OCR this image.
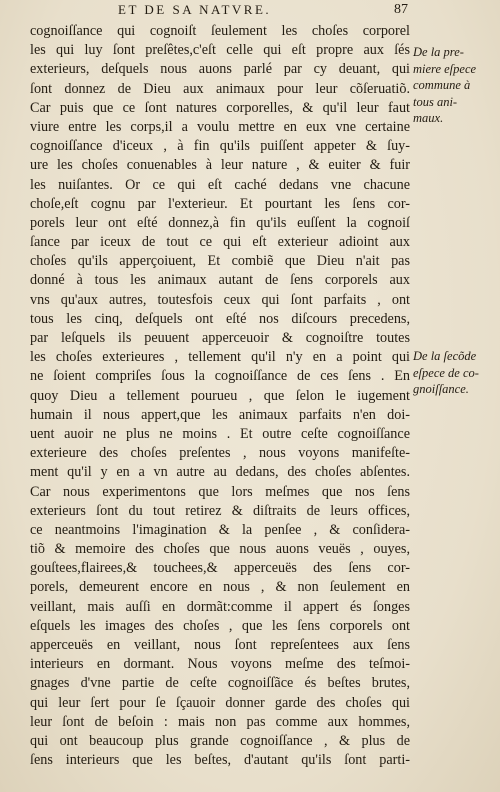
ET DE SA NATVRE.	87
cognoiſſance qui cognoiſt ſeulement les choſes corporel
les qui luy ſont preſêtes,c'eſt celle qui eſt propre aux ſés
exterieurs, deſquels nous auons parlé par cy deuant, qui
ſont donnez de Dieu aux animaux pour leur cõſeruatiõ.
Car puis que ce ſont natures corporelles, & qu'il leur faut
viure entre les corps,il a voulu mettre en eux vne certaine
cognoiſſance d'iceux , à fin qu'ils puiſſent appeter & ſuy-
ure les choſes conuenables à leur nature , & euiter & fuir
les nuiſantes. Or ce qui eſt caché dedans vne chacune
choſe,eſt cognu par l'exterieur. Et pourtant les ſens cor-
porels leur ont eſté donnez,à fin qu'ils euſſent la cognoiſ
ſance par iceux de tout ce qui eſt exterieur adioint aux
choſes qu'ils apperçoiuent, Et combiẽ que Dieu n'ait pas
donné à tous les animaux autant de ſens corporels aux
vns qu'aux autres, toutesfois ceux qui ſont parfaits , ont
tous les cinq, deſquels ont eſté nos diſcours precedens,
par leſquels ils peuuent apperceuoir & cognoiſtre toutes
les choſes exterieures , tellement qu'il n'y en a point qui
ne ſoient compriſes ſous la cognoiſſance de ces ſens . En
quoy Dieu a tellement pourueu , que ſelon le iugement
humain il nous appert,que les animaux parfaits n'en doi-
uent auoir ne plus ne moins . Et outre ceſte cognoiſſance
exterieure des choſes preſentes , nous voyons manifeſte-
ment qu'il y en a vn autre au dedans, des choſes abſentes.
Car nous experimentons que lors meſmes que nos ſens
exterieurs ſont du tout retirez & diſtraits de leurs offices,
ce neantmoins l'imagination & la penſee , & conſidera-
tiõ & memoire des choſes que nous auons veuës , ouyes,
gouſtees,flairees,& touchees,& apperceuës des ſens cor-
porels, demeurent encore en nous , & non ſeulement en
veillant, mais auſſi en dormãt:comme il appert és ſonges
eſquels les images des choſes , que les ſens corporels ont
apperceuës en veillant, nous ſont repreſentees aux ſens
interieurs en dormant. Nous voyons meſme des teſmoi-
gnages d'vne partie de ceſte cognoiſſãce és beſtes brutes,
qui leur ſert pour ſe ſçauoir donner garde des choſes qui
leur ſont de beſoin : mais non pas comme aux hommes,
qui ont beaucoup plus grande cognoiſſance , & plus de
ſens interieurs que les beſtes, d'autant qu'ils ſont parti-
De la pre-
miere eſpece
commune à
tous ani-
maux.
De la ſecõde
eſpece de co-
gnoiſſance.
